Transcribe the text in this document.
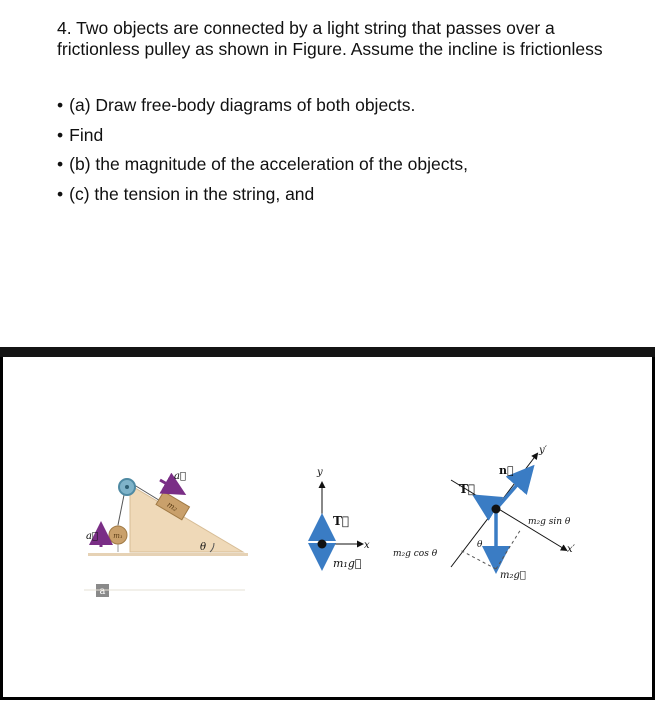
4. Two objects are connected by a light string that passes over a frictionless pulley as shown in Figure. Assume the incline is frictionless
• (a) Draw free-body diagrams of both objects.
• Find
• (b) the magnitude of the acceleration of the objects,
• (c) the tension in the string, and
m₂
a⃗
m₁
a⃗
θ
a
y
x
T⃗
m₁g⃗
y′
x′
n⃗
T⃗
θ
m₂g cos θ
m₂g sin θ
m₂g⃗
